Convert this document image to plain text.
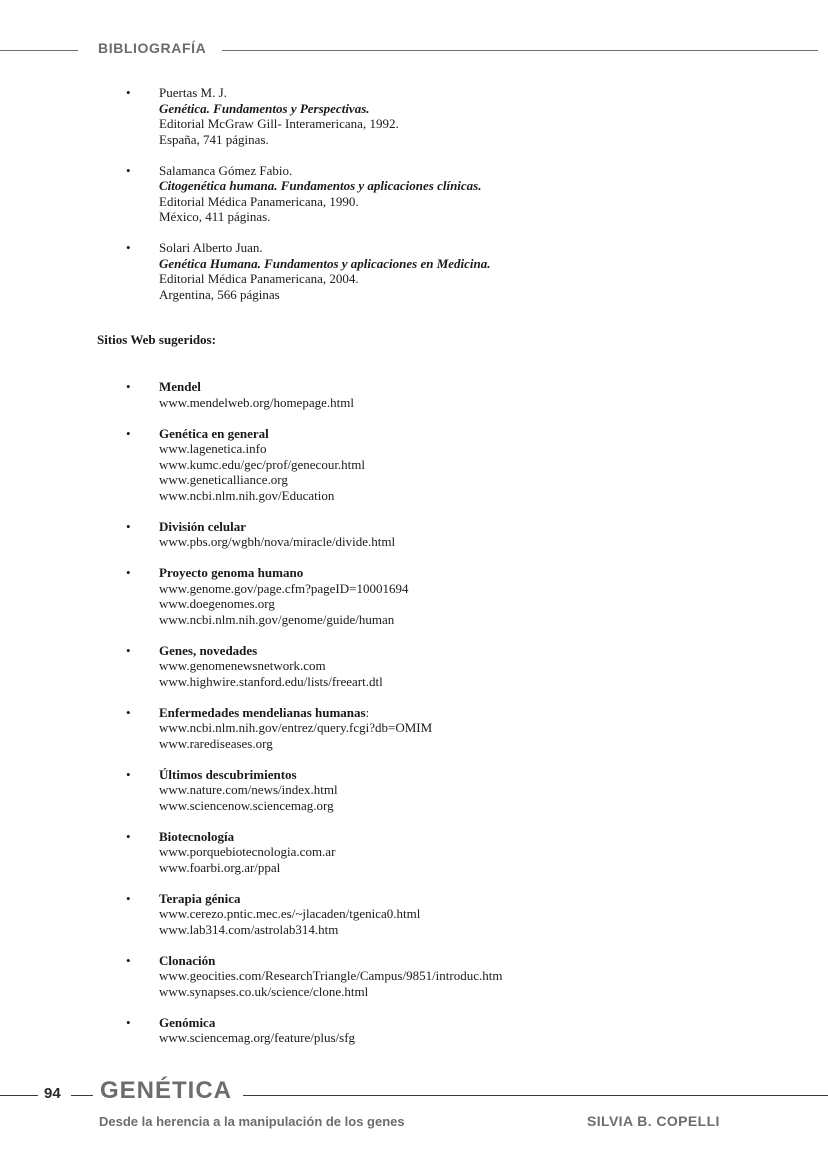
BIBLIOGRAFÍA
• Puertas M. J.
Genética. Fundamentos y Perspectivas.
Editorial McGraw Gill- Interamericana, 1992.
España, 741 páginas.
• Salamanca Gómez Fabio.
Citogenética humana. Fundamentos y aplicaciones clínicas.
Editorial Médica Panamericana, 1990.
México, 411 páginas.
• Solari Alberto Juan.
Genética Humana. Fundamentos y aplicaciones en Medicina.
Editorial Médica Panamericana, 2004.
Argentina, 566 páginas
Sitios Web sugeridos:
• Mendel
www.mendelweb.org/homepage.html
• Genética en general
www.lagenetica.info
www.kumc.edu/gec/prof/genecour.html
www.geneticalliance.org
www.ncbi.nlm.nih.gov/Education
• División celular
www.pbs.org/wgbh/nova/miracle/divide.html
• Proyecto genoma humano
www.genome.gov/page.cfm?pageID=10001694
www.doegenomes.org
www.ncbi.nlm.nih.gov/genome/guide/human
• Genes, novedades
www.genomenewsnetwork.com
www.highwire.stanford.edu/lists/freeart.dtl
• Enfermedades mendelianas humanas:
www.ncbi.nlm.nih.gov/entrez/query.fcgi?db=OMIM
www.rarediseases.org
• Últimos descubrimientos
www.nature.com/news/index.html
www.sciencenow.sciencemag.org
• Biotecnología
www.porquebiotecnologia.com.ar
www.foarbi.org.ar/ppal
• Terapia génica
www.cerezo.pntic.mec.es/~jlacaden/tgenica0.html
www.lab314.com/astrolab314.htm
• Clonación
www.geocities.com/ResearchTriangle/Campus/9851/introduc.htm
www.synapses.co.uk/science/clone.html
• Genómica
www.sciencemag.org/feature/plus/sfg
94 GENÉTICA
Desde la herencia a la manipulación de los genes	SILVIA B. COPELLI
